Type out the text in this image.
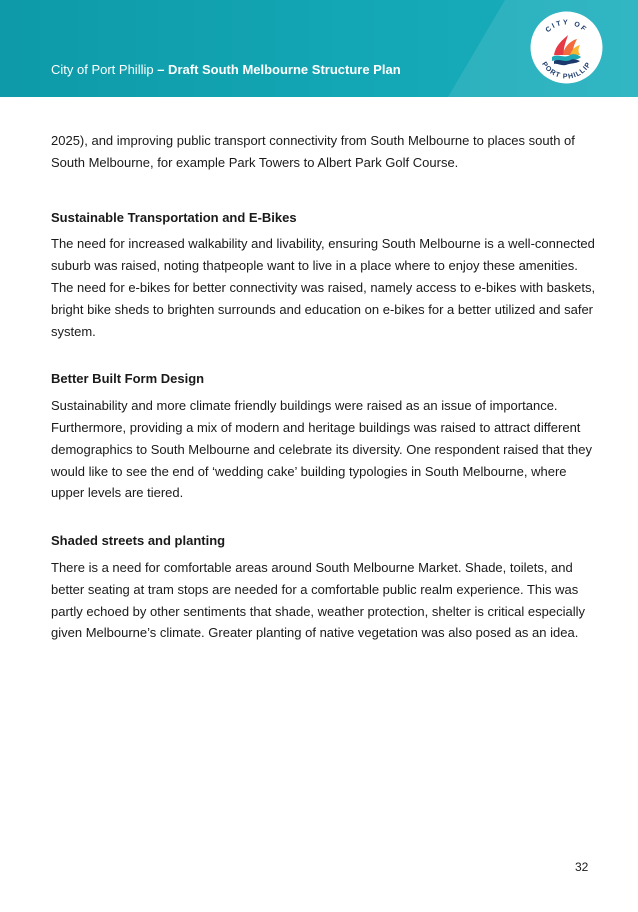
City of Port Phillip – Draft South Melbourne Structure Plan
CITY OF
PORT PHILLIP

2025), and improving public transport connectivity from South Melbourne to places south of South Melbourne, for example Park Towers to Albert Park Golf Course.

Sustainable Transportation and E-Bikes

The need for increased walkability and livability, ensuring South Melbourne is a well-connected suburb was raised, noting thatpeople want to live in a place where to enjoy these amenities. The need for e-bikes for better connectivity was raised, namely access to e-bikes with baskets, bright bike sheds to brighten surrounds and education on e-bikes for a better utilized and safer system.

Better Built Form Design

Sustainability and more climate friendly buildings were raised as an issue of importance. Furthermore, providing a mix of modern and heritage buildings was raised to attract different demographics to South Melbourne and celebrate its diversity. One respondent raised that they would like to see the end of ‘wedding cake’ building typologies in South Melbourne, where upper levels are tiered.

Shaded streets and planting

There is a need for comfortable areas around South Melbourne Market. Shade, toilets, and better seating at tram stops are needed for a comfortable public realm experience. This was partly echoed by other sentiments that shade, weather protection, shelter is critical especially given Melbourne’s climate. Greater planting of native vegetation was also posed as an idea.

32
